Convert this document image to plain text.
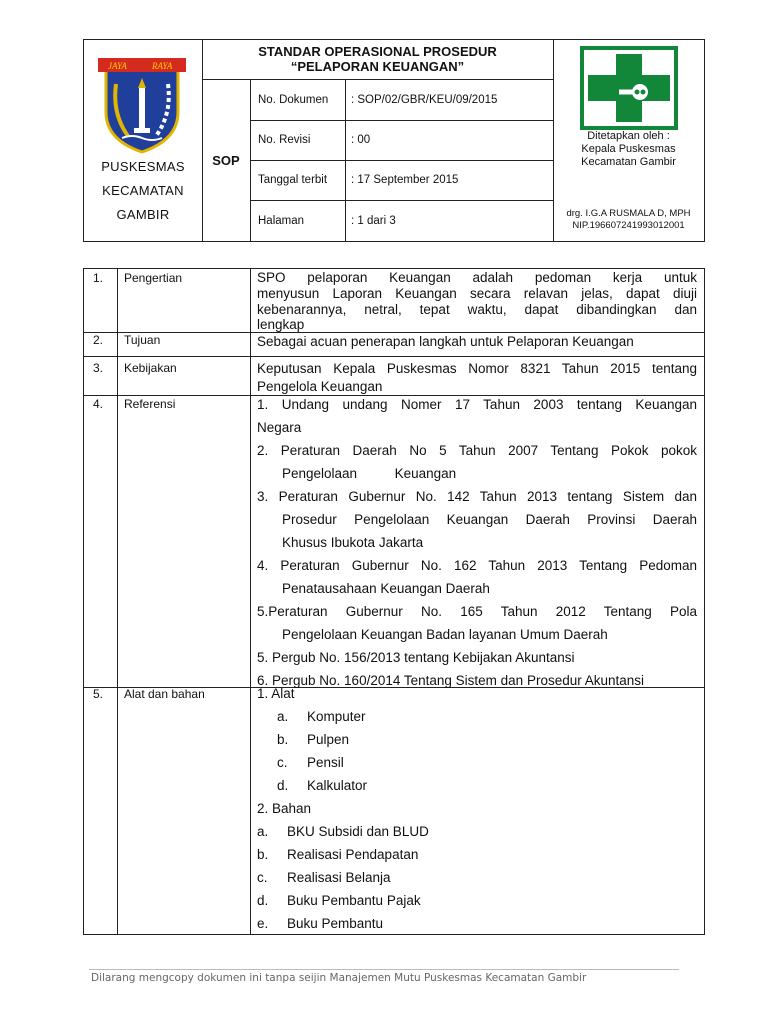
JAYA	RAYA
PUSKESMAS
KECAMATAN
GAMBIR
STANDAR OPERASIONAL PROSEDUR
“PELAPORAN KEUANGAN”
SOP
No. Dokumen	: SOP/02/GBR/KEU/09/2015
No. Revisi	: 00
Tanggal terbit	: 17 September 2015
Halaman	: 1 dari 3
Ditetapkan oleh :
Kepala Puskesmas
Kecamatan Gambir
drg. I.G.A RUSMALA D, MPH
NIP.196607241993012001
1. Pengertian	SPO pelaporan Keuangan adalah pedoman kerja untuk
menyusun Laporan Keuangan secara relavan jelas, dapat diuji
kebenarannya, netral, tepat waktu, dapat dibandingkan dan
lengkap
2. Tujuan	Sebagai acuan penerapan langkah untuk Pelaporan Keuangan
3. Kebijakan	Keputusan Kepala Puskesmas Nomor 8321 Tahun 2015 tentang
Pengelola Keuangan
4. Referensi	1. Undang undang Nomer 17 Tahun 2003 tentang Keuangan
Negara
2. Peraturan Daerah No 5 Tahun 2007 Tentang Pokok pokok
Pengelolaan          Keuangan
3. Peraturan Gubernur No. 142 Tahun 2013 tentang Sistem dan
Prosedur Pengelolaan Keuangan Daerah Provinsi Daerah
Khusus Ibukota Jakarta
4. Peraturan Gubernur No. 162 Tahun 2013 Tentang Pedoman
Penatausahaan Keuangan Daerah
5.Peraturan Gubernur No. 165 Tahun 2012 Tentang Pola
Pengelolaan Keuangan Badan layanan Umum Daerah
5. Pergub No. 156/2013 tentang Kebijakan Akuntansi
6. Pergub No. 160/2014 Tentang Sistem dan Prosedur Akuntansi
5. Alat dan bahan	1. Alat
a.	Komputer
b.	Pulpen
c.	Pensil
d.	Kalkulator
2. Bahan
a.	BKU Subsidi dan BLUD
b.	Realisasi Pendapatan
c.	Realisasi Belanja
d.	Buku Pembantu Pajak
e.	Buku Pembantu
Dilarang mengcopy dokumen ini tanpa seijin Manajemen Mutu Puskesmas Kecamatan Gambir
